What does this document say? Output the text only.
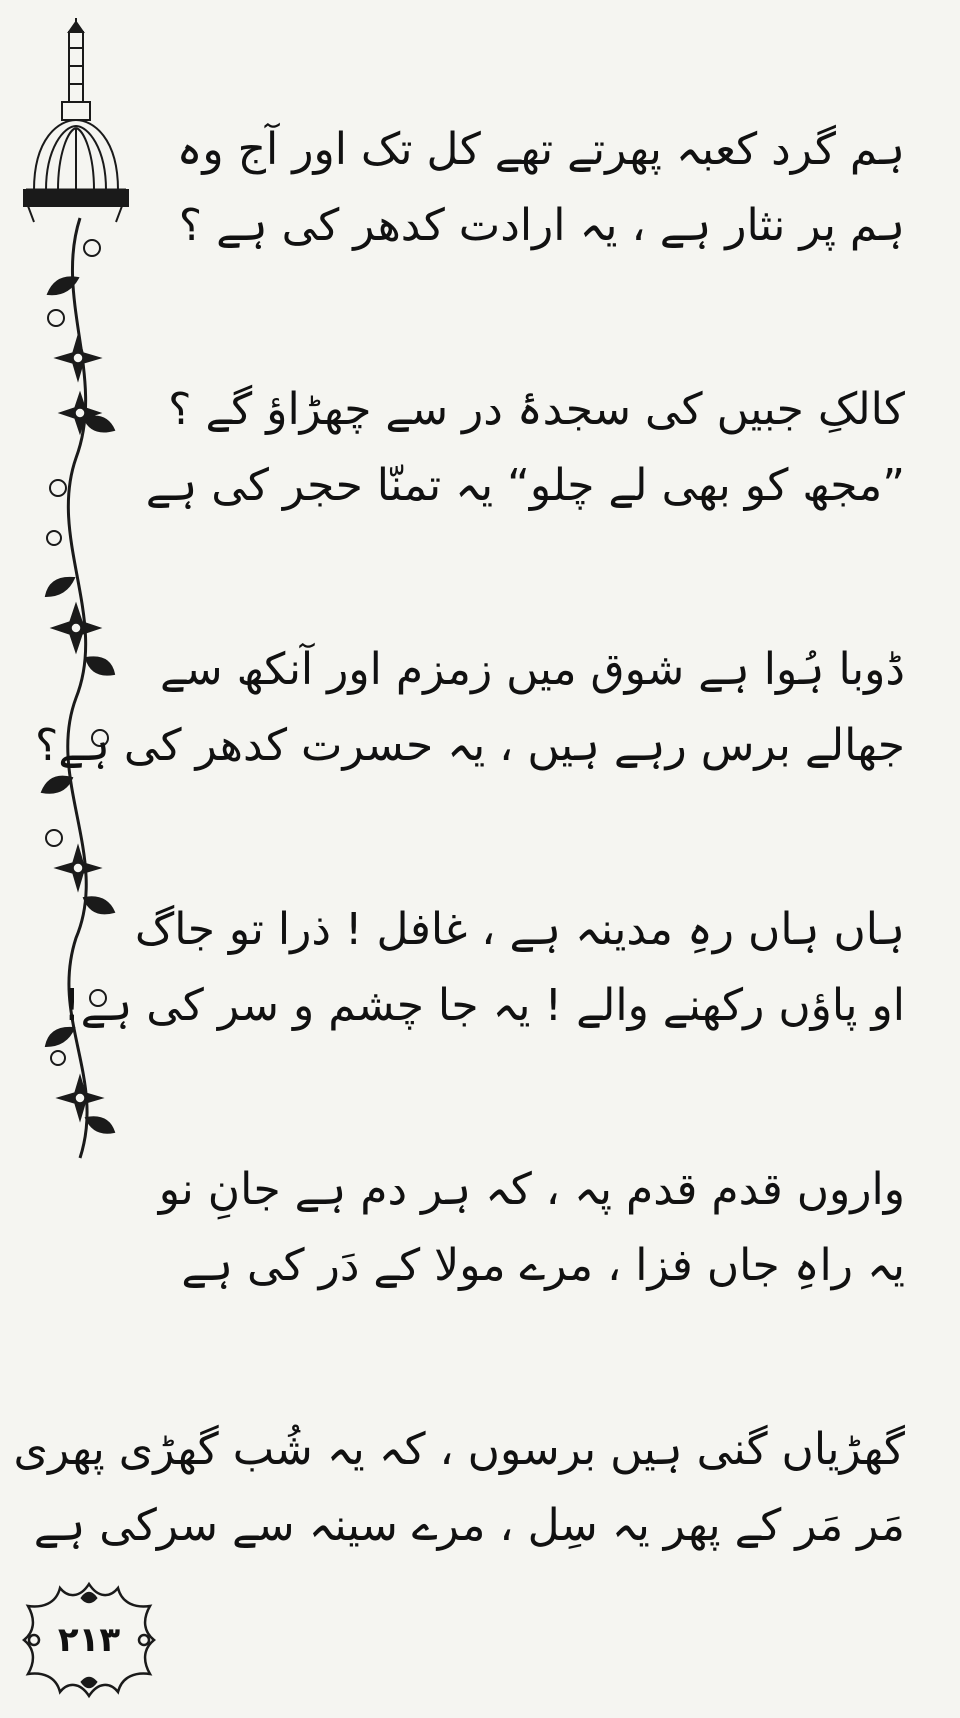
ہم گرد کعبہ پھرتے تھے کل تک اور آج وہ
ہم پر نثار ہے ، یہ ارادت کدھر کی ہے ؟
کالکِ جبیں کی سجدۂ در سے چھڑاؤ گے ؟
”مجھ کو بھی لے چلو“ یہ تمنّا حجر کی ہے
ڈوبا ہُوا ہے شوق میں زمزم اور آنکھ سے
جھالے برس رہے ہیں ، یہ حسرت کدھر کی ہے؟
ہاں ہاں رہِ مدینہ ہے ، غافل ! ذرا تو جاگ
او پاؤں رکھنے والے ! یہ جا چشم و سر کی ہے!
واروں قدم قدم پہ ، کہ ہر دم ہے جانِ نو
یہ راہِ جاں فزا ، مرے مولا کے دَر کی ہے
گھڑیاں گنی ہیں برسوں ، کہ یہ شُب گھڑی پھری
مَر مَر کے پھر یہ سِل ، مرے سینہ سے سرکی ہے
۲۱۳
